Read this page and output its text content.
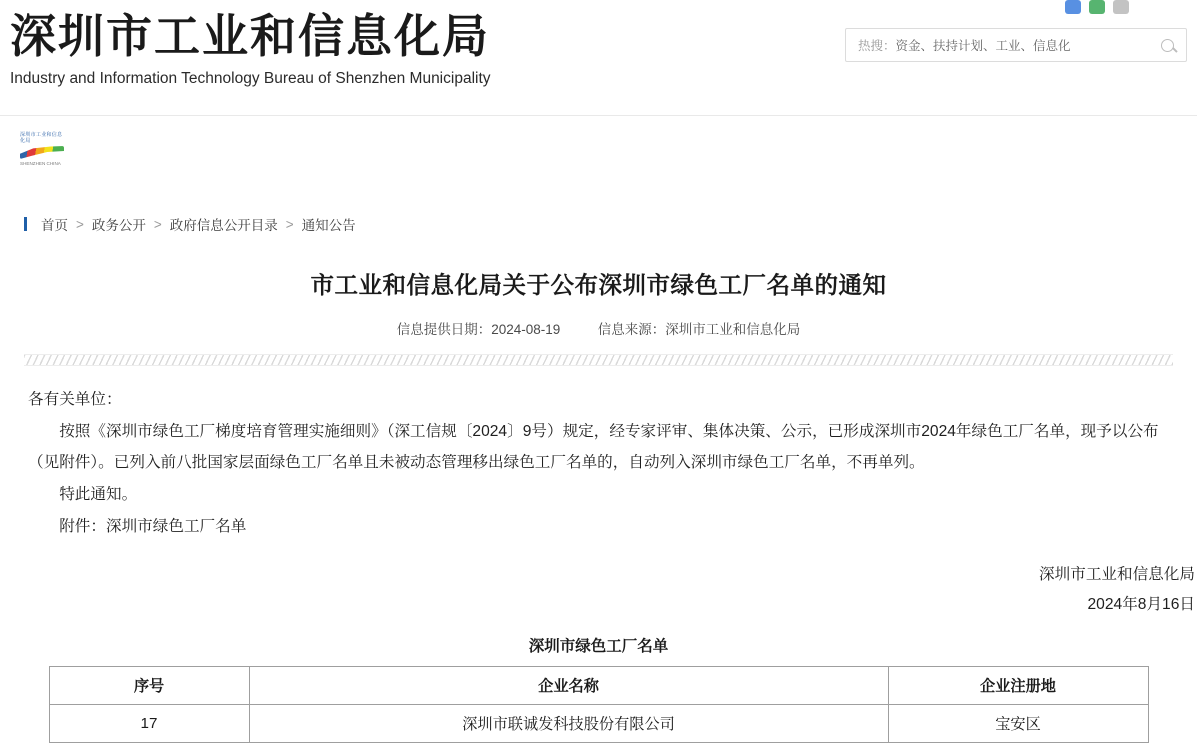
深圳市工业和信息化局
Industry and Information Technology Bureau of Shenzhen Municipality
热搜： 资金、扶持计划、工业、信息化
深圳市工业和信息化局
SHENZHEN CHINA
首页 > 政务公开 > 政府信息公开目录 > 通知公告
市工业和信息化局关于公布深圳市绿色工厂名单的通知
信息提供日期：2024-08-19	信息来源：深圳市工业和信息化局

各有关单位：

按照《深圳市绿色工厂梯度培育管理实施细则》（深工信规〔2024〕9号）规定，经专家评审、集体决策、公示，已形成深圳市2024年绿色工厂名单，现予以公布（见附件）。已列入前八批国家层面绿色工厂名单且未被动态管理移出绿色工厂名单的，自动列入深圳市绿色工厂名单，不再单列。

特此通知。

附件：深圳市绿色工厂名单

深圳市工业和信息化局
2024年8月16日
深圳市绿色工厂名单
序号	企业名称	企业注册地
17	深圳市联诚发科技股份有限公司	宝安区
